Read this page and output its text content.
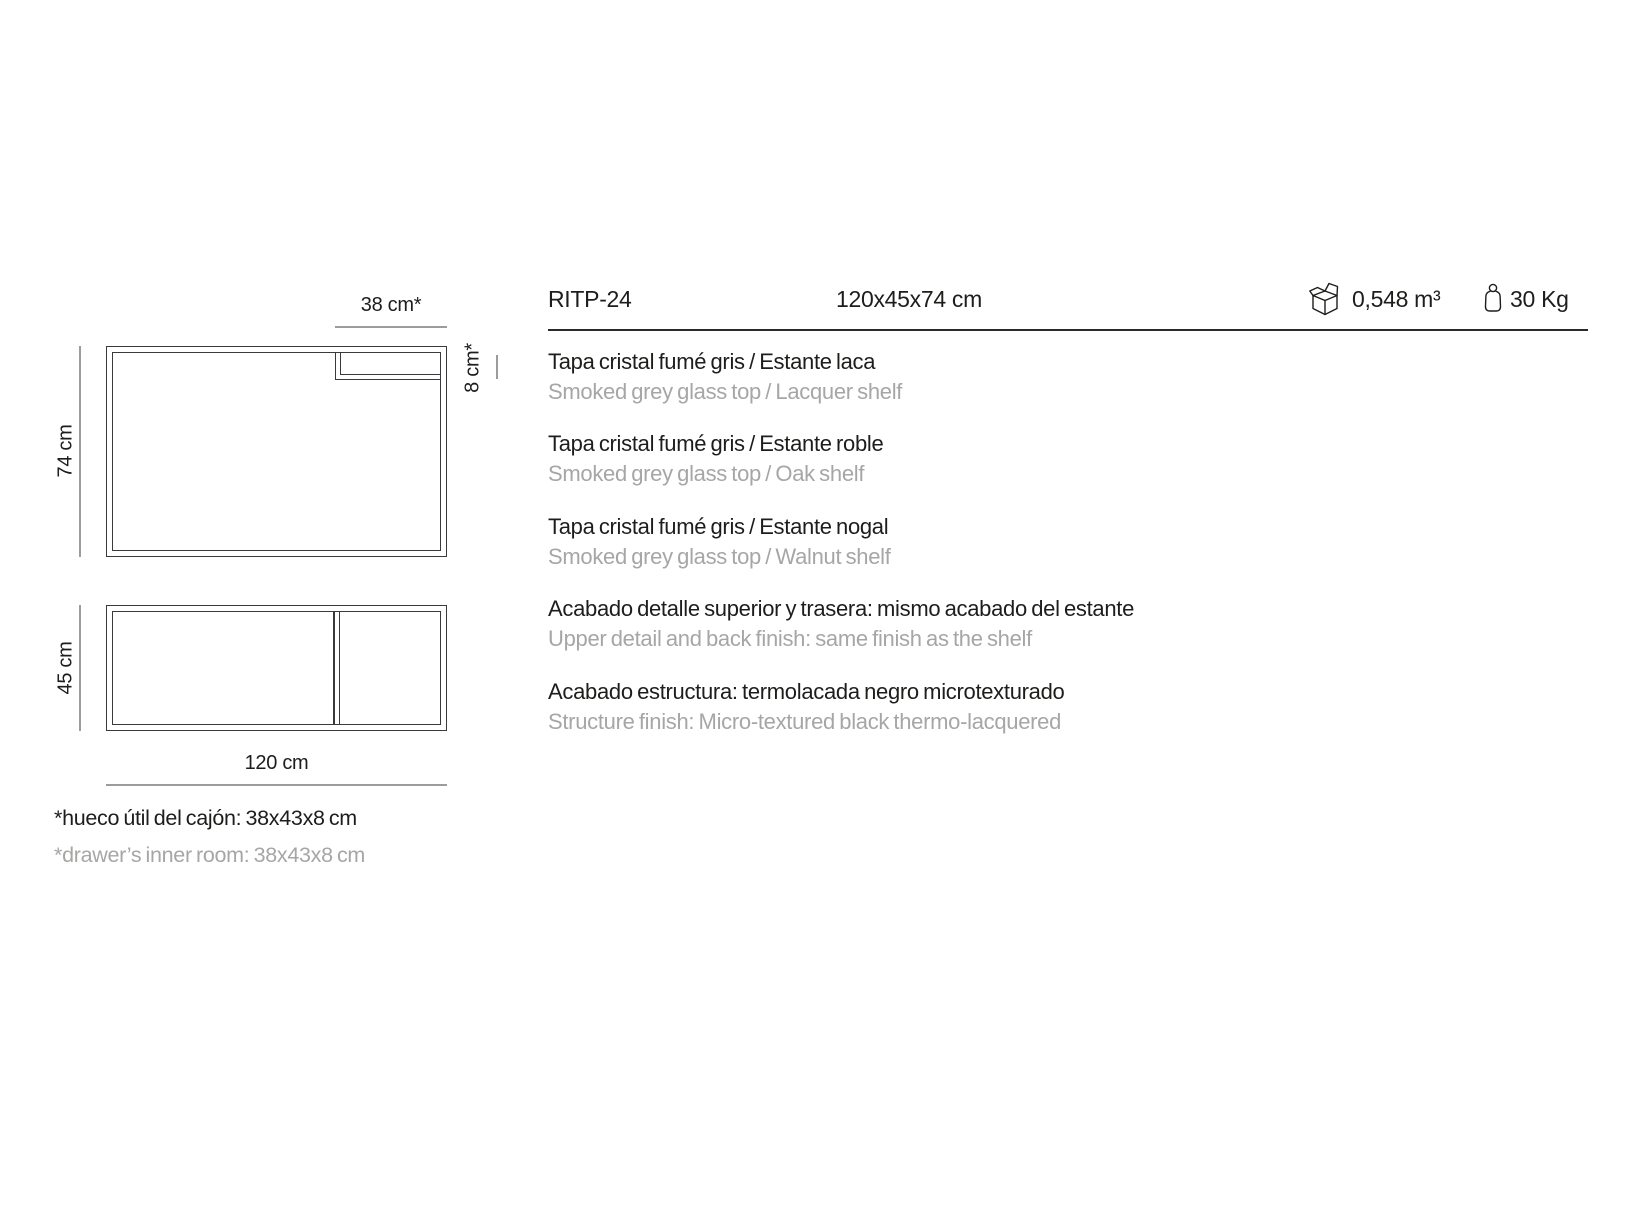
38 cm*
74 cm
8 cm*
45 cm
120 cm
*hueco útil del cajón: 38x43x8 cm
*drawer’s inner room: 38x43x8 cm
RITP-24	120x45x74 cm	0,548 m³	30 Kg
Tapa cristal fumé gris / Estante laca
Smoked grey glass top / Lacquer shelf
Tapa cristal fumé gris / Estante roble
Smoked grey glass top / Oak shelf
Tapa cristal fumé gris / Estante nogal
Smoked grey glass top / Walnut shelf
Acabado detalle superior y trasera: mismo acabado del estante
Upper detail and back finish: same finish as the shelf
Acabado estructura: termolacada negro microtexturado
Structure finish: Micro-textured black thermo-lacquered
